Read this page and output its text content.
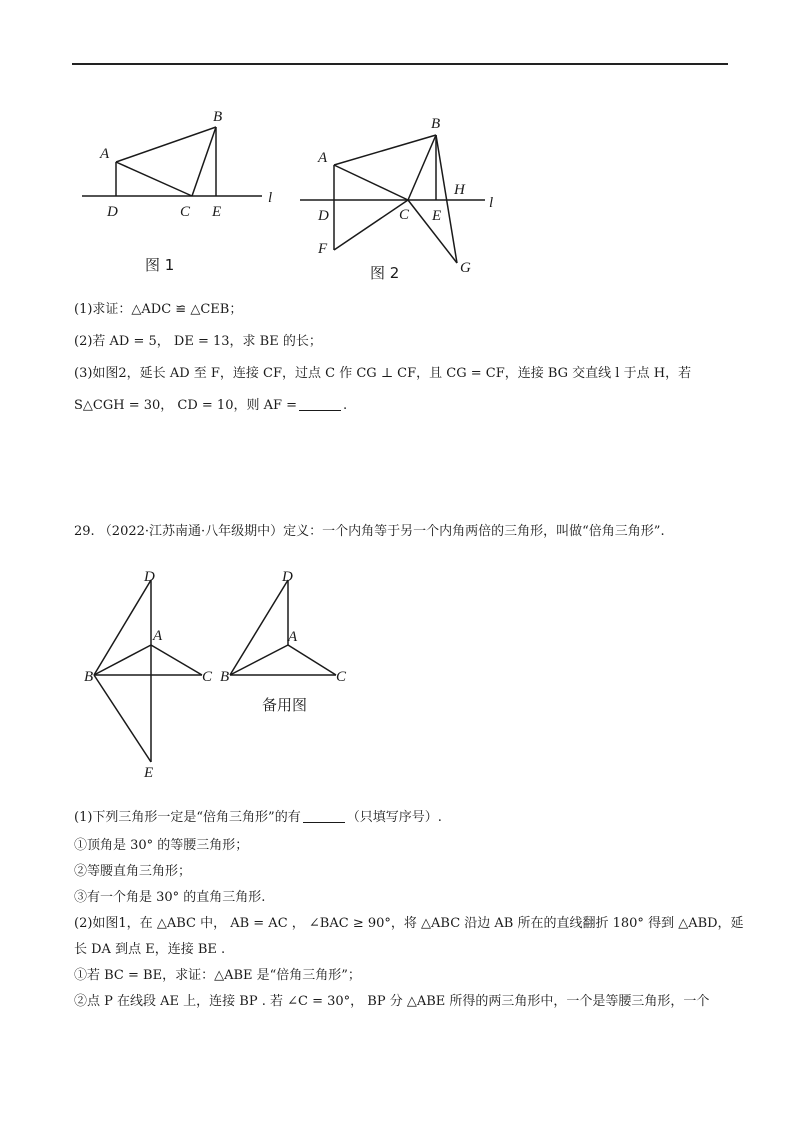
A
B
C
D	E
l
图 1
A
B
C
D	E
F
G
H
l
图 2
(1)求证：△ADC ≌ △CEB；
(2)若 AD = 5， DE = 13，求 BE 的长；
(3)如图2，延长 AD 至 F，连接 CF，过点 C 作 CG ⊥ CF，且 CG = CF，连接 BG 交直线 l 于点 H，若
S△CGH = 30， CD = 10，则 AF =	.
29. （2022·江苏南通·八年级期中）定义：一个内角等于另一个内角两倍的三角形，叫做“倍角三角形”.
D
A
B	C
E
D
A
B	C
备用图
(1)下列三角形一定是“倍角三角形”的有	（只填写序号）.
①顶角是 30° 的等腰三角形；
②等腰直角三角形；
③有一个角是 30° 的直角三角形.
(2)如图1，在 △ABC 中， AB = AC ， ∠BAC ≥ 90°，将 △ABC 沿边 AB 所在的直线翻折 180° 得到 △ABD，延
长 DA 到点 E，连接 BE .
①若 BC = BE，求证：△ABE 是“倍角三角形”；
②点 P 在线段 AE 上，连接 BP . 若 ∠C = 30°， BP 分 △ABE 所得的两三角形中，一个是等腰三角形，一个
